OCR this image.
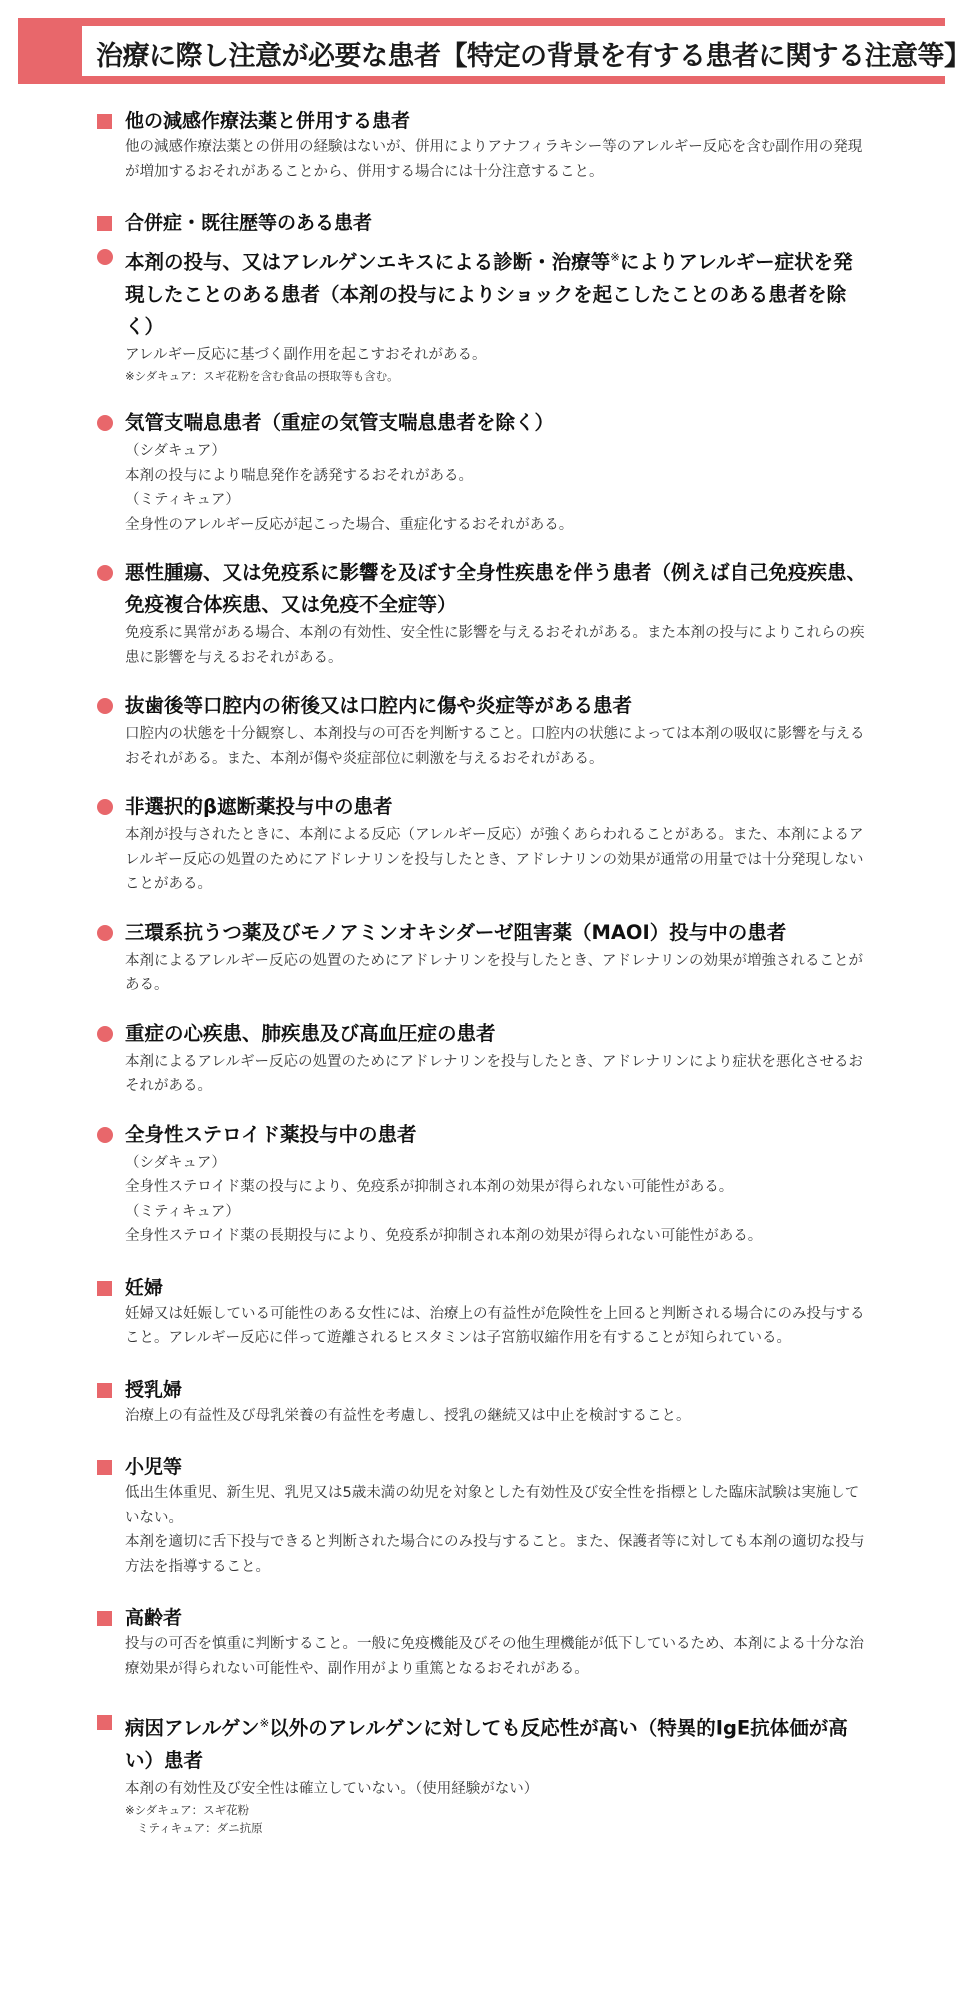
治療に際し注意が必要な患者【特定の背景を有する患者に関する注意等】
他の減感作療法薬と併用する患者
他の減感作療法薬との併用の経験はないが、併用によりアナフィラキシー等のアレルギー反応を含む副作用の発現が増加するおそれがあることから、併用する場合には十分注意すること。
合併症・既往歴等のある患者
本剤の投与、又はアレルゲンエキスによる診断・治療等※によりアレルギー症状を発現したことのある患者（本剤の投与によりショックを起こしたことのある患者を除く）
アレルギー反応に基づく副作用を起こすおそれがある。
※シダキュア：スギ花粉を含む食品の摂取等も含む。
気管支喘息患者（重症の気管支喘息患者を除く）
（シダキュア）
本剤の投与により喘息発作を誘発するおそれがある。
（ミティキュア）
全身性のアレルギー反応が起こった場合、重症化するおそれがある。
悪性腫瘍、又は免疫系に影響を及ぼす全身性疾患を伴う患者（例えば自己免疫疾患、免疫複合体疾患、又は免疫不全症等）
免疫系に異常がある場合、本剤の有効性、安全性に影響を与えるおそれがある。また本剤の投与によりこれらの疾患に影響を与えるおそれがある。
抜歯後等口腔内の術後又は口腔内に傷や炎症等がある患者
口腔内の状態を十分観察し、本剤投与の可否を判断すること。口腔内の状態によっては本剤の吸収に影響を与えるおそれがある。また、本剤が傷や炎症部位に刺激を与えるおそれがある。
非選択的β遮断薬投与中の患者
本剤が投与されたときに、本剤による反応（アレルギー反応）が強くあらわれることがある。また、本剤によるアレルギー反応の処置のためにアドレナリンを投与したとき、アドレナリンの効果が通常の用量では十分発現しないことがある。
三環系抗うつ薬及びモノアミンオキシダーゼ阻害薬（MAOI）投与中の患者
本剤によるアレルギー反応の処置のためにアドレナリンを投与したとき、アドレナリンの効果が増強されることがある。
重症の心疾患、肺疾患及び高血圧症の患者
本剤によるアレルギー反応の処置のためにアドレナリンを投与したとき、アドレナリンにより症状を悪化させるおそれがある。
全身性ステロイド薬投与中の患者
（シダキュア）
全身性ステロイド薬の投与により、免疫系が抑制され本剤の効果が得られない可能性がある。
（ミティキュア）
全身性ステロイド薬の長期投与により、免疫系が抑制され本剤の効果が得られない可能性がある。
妊婦
妊婦又は妊娠している可能性のある女性には、治療上の有益性が危険性を上回ると判断される場合にのみ投与すること。アレルギー反応に伴って遊離されるヒスタミンは子宮筋収縮作用を有することが知られている。
授乳婦
治療上の有益性及び母乳栄養の有益性を考慮し、授乳の継続又は中止を検討すること。
小児等
低出生体重児、新生児、乳児又は5歳未満の幼児を対象とした有効性及び安全性を指標とした臨床試験は実施していない。
本剤を適切に舌下投与できると判断された場合にのみ投与すること。また、保護者等に対しても本剤の適切な投与方法を指導すること。
高齢者
投与の可否を慎重に判断すること。一般に免疫機能及びその他生理機能が低下しているため、本剤による十分な治療効果が得られない可能性や、副作用がより重篤となるおそれがある。
病因アレルゲン※以外のアレルゲンに対しても反応性が高い（特異的IgE抗体価が高い）患者
本剤の有効性及び安全性は確立していない。（使用経験がない）
※シダキュア：スギ花粉
ミティキュア：ダニ抗原
